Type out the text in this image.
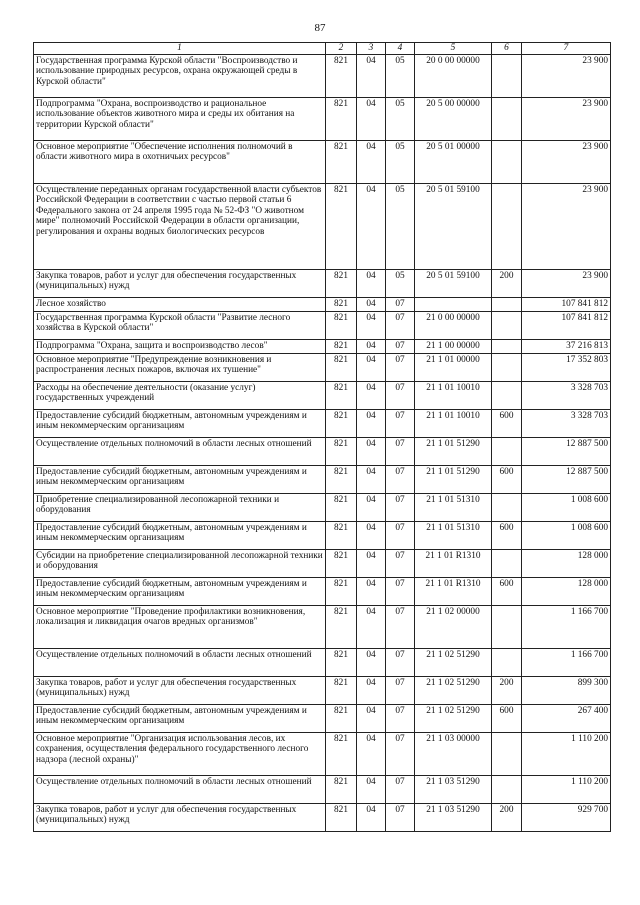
87
1	2	3	4	5	6	7
Государственная программа Курской области "Воспроизводство и использование природных ресурсов, охрана окружающей среды в Курской области"	821	04	05	20 0 00 00000		23 900
Подпрограмма "Охрана, воспроизводство и рациональное использование объектов животного мира и среды их обитания на территории Курской области"	821	04	05	20 5 00 00000		23 900
Основное мероприятие "Обеспечение исполнения полномочий в области животного мира в охотничьих ресурсов"	821	04	05	20 5 01 00000		23 900
Осуществление переданных органам государственной власти субъектов Российской Федерации в соответствии с частью первой статьи 6 Федерального закона от 24 апреля 1995 года № 52-ФЗ "О животном мире" полномочий Российской Федерации в области организации, регулирования и охраны водных биологических ресурсов	821	04	05	20 5 01 59100		23 900
Закупка товаров, работ и услуг для обеспечения государственных (муниципальных) нужд	821	04	05	20 5 01 59100	200	23 900
Лесное хозяйство	821	04	07			107 841 812
Государственная программа Курской области "Развитие лесного хозяйства в Курской области"	821	04	07	21 0 00 00000		107 841 812
Подпрограмма "Охрана, защита и воспроизводство лесов"	821	04	07	21 1 00 00000		37 216 813
Основное мероприятие "Предупреждение возникновения и распространения лесных пожаров, включая их тушение"	821	04	07	21 1 01 00000		17 352 803
Расходы на обеспечение деятельности (оказание услуг) государственных учреждений	821	04	07	21 1 01 10010		3 328 703
Предоставление субсидий бюджетным, автономным учреждениям и иным некоммерческим организациям	821	04	07	21 1 01 10010	600	3 328 703
Осуществление отдельных полномочий в области лесных отношений	821	04	07	21 1 01 51290		12 887 500
Предоставление субсидий бюджетным, автономным учреждениям и иным некоммерческим организациям	821	04	07	21 1 01 51290	600	12 887 500
Приобретение специализированной лесопожарной техники и оборудования	821	04	07	21 1 01 51310		1 008 600
Предоставление субсидий бюджетным, автономным учреждениям и иным некоммерческим организациям	821	04	07	21 1 01 51310	600	1 008 600
Субсидии на приобретение специализированной лесопожарной техники и оборудования	821	04	07	21 1 01 R1310		128 000
Предоставление субсидий бюджетным, автономным учреждениям и иным некоммерческим организациям	821	04	07	21 1 01 R1310	600	128 000
Основное мероприятие "Проведение профилактики возникновения, локализация и ликвидация очагов вредных организмов"	821	04	07	21 1 02 00000		1 166 700
Осуществление отдельных полномочий в области лесных отношений	821	04	07	21 1 02 51290		1 166 700
Закупка товаров, работ и услуг для обеспечения государственных (муниципальных) нужд	821	04	07	21 1 02 51290	200	899 300
Предоставление субсидий бюджетным, автономным учреждениям и иным некоммерческим организациям	821	04	07	21 1 02 51290	600	267 400
Основное мероприятие "Организация использования лесов, их сохранения, осуществления федерального государственного лесного надзора (лесной охраны)"	821	04	07	21 1 03 00000		1 110 200
Осуществление отдельных полномочий в области лесных отношений	821	04	07	21 1 03 51290		1 110 200
Закупка товаров, работ и услуг для обеспечения государственных (муниципальных) нужд	821	04	07	21 1 03 51290	200	929 700
